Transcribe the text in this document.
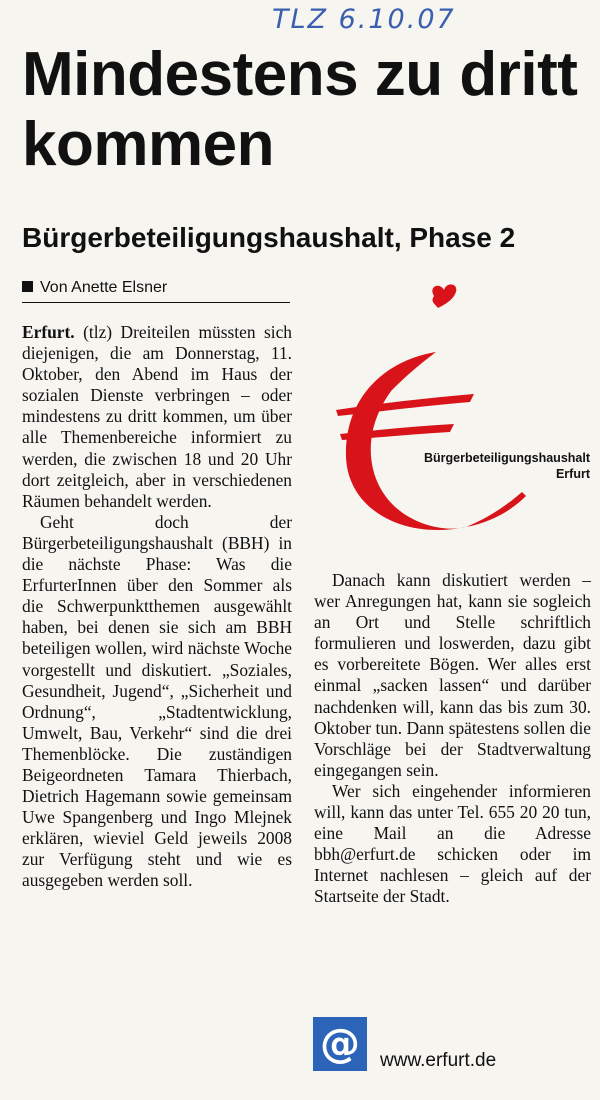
TLZ 6.10.07
Mindestens zu dritt kommen
Bürgerbeteiligungshaushalt, Phase 2
Von Anette Elsner

Erfurt. (tlz) Dreiteilen müssten sich diejenigen, die am Donnerstag, 11. Oktober, den Abend im Haus der sozialen Dienste verbringen – oder mindestens zu dritt kommen, um über alle Themenbereiche informiert zu werden, die zwischen 18 und 20 Uhr dort zeitgleich, aber in verschiedenen Räumen behandelt werden.

Geht doch der Bürgerbeteiligungshaushalt (BBH) in die nächste Phase: Was die ErfurterInnen über den Sommer als die Schwerpunktthemen ausgewählt haben, bei denen sie sich am BBH beteiligen wollen, wird nächste Woche vorgestellt und diskutiert. „Soziales, Gesundheit, Jugend“, „Sicherheit und Ordnung“, „Stadtentwicklung, Umwelt, Bau, Verkehr“ sind die drei Themenblöcke. Die zuständigen Beigeordneten Tamara Thierbach, Dietrich Hagemann sowie gemeinsam Uwe Spangenberg und Ingo Mlejnek erklären, wieviel Geld jeweils 2008 zur Verfügung steht und wie es ausgegeben werden soll.

Bürgerbeteiligungshaushalt
Erfurt

Danach kann diskutiert werden – wer Anregungen hat, kann sie sogleich an Ort und Stelle schriftlich formulieren und loswerden, dazu gibt es vorbereitete Bögen. Wer alles erst einmal „sacken lassen“ und darüber nachdenken will, kann das bis zum 30. Oktober tun. Dann spätestens sollen die Vorschläge bei der Stadtverwaltung eingegangen sein.

Wer sich eingehender informieren will, kann das unter Tel. 655 20 20 tun, eine Mail an die Adresse bbh@erfurt.de schicken oder im Internet nachlesen – gleich auf der Startseite der Stadt.

@ www.erfurt.de
